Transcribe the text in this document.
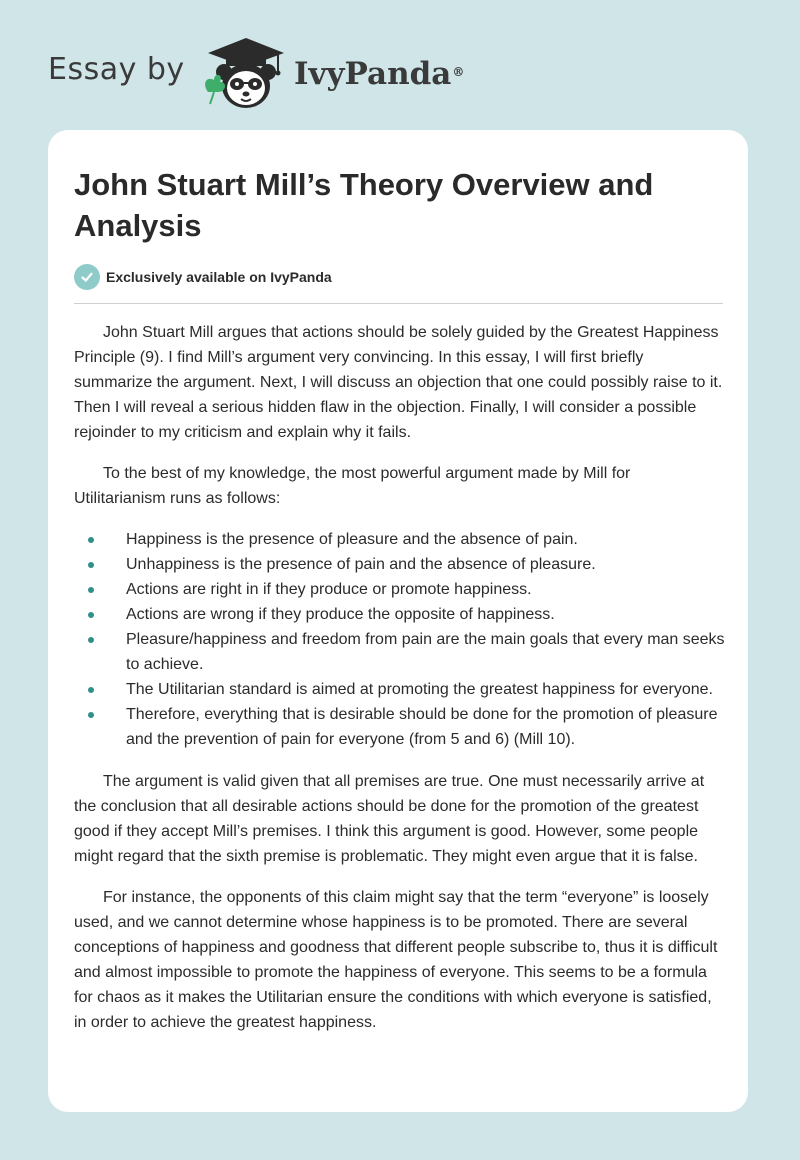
Essay by	IvyPanda®
John Stuart Mill’s Theory Overview and Analysis
Exclusively available on IvyPanda

John Stuart Mill argues that actions should be solely guided by the Greatest Happiness Principle (9). I find Mill’s argument very convincing. In this essay, I will first briefly summarize the argument. Next, I will discuss an objection that one could possibly raise to it. Then I will reveal a serious hidden flaw in the objection. Finally, I will consider a possible rejoinder to my criticism and explain why it fails.

To the best of my knowledge, the most powerful argument made by Mill for Utilitarianism runs as follows:

Happiness is the presence of pleasure and the absence of pain.
Unhappiness is the presence of pain and the absence of pleasure.
Actions are right in if they produce or promote happiness.
Actions are wrong if they produce the opposite of happiness.
Pleasure/happiness and freedom from pain are the main goals that every man seeks to achieve.
The Utilitarian standard is aimed at promoting the greatest happiness for everyone.
Therefore, everything that is desirable should be done for the promotion of pleasure and the prevention of pain for everyone (from 5 and 6) (Mill 10).

The argument is valid given that all premises are true. One must necessarily arrive at the conclusion that all desirable actions should be done for the promotion of the greatest good if they accept Mill’s premises. I think this argument is good. However, some people might regard that the sixth premise is problematic. They might even argue that it is false.

For instance, the opponents of this claim might say that the term “everyone” is loosely used, and we cannot determine whose happiness is to be promoted. There are several conceptions of happiness and goodness that different people subscribe to, thus it is difficult and almost impossible to promote the happiness of everyone. This seems to be a formula for chaos as it makes the Utilitarian ensure the conditions with which everyone is satisfied, in order to achieve the greatest happiness.
